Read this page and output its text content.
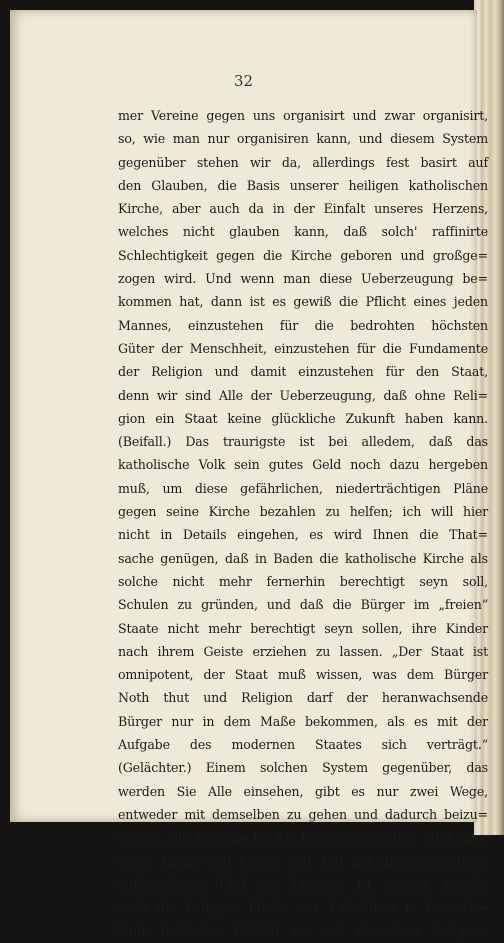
32
mer Vereine gegen uns organisirt und zwar organisirt,
so, wie man nur organisiren kann, und diesem System
gegenüber stehen wir da, allerdings fest basirt auf
den Glauben, die Basis unserer heiligen katholischen
Kirche, aber auch da in der Einfalt unseres Herzens,
welches nicht glauben kann, daß solch' raffinirte
Schlechtigkeit gegen die Kirche geboren und großge=
zogen wird. Und wenn man diese Ueberzeugung be=
kommen hat, dann ist es gewiß die Pflicht eines jeden
Mannes, einzustehen für die bedrohten höchsten
Güter der Menschheit, einzustehen für die Fundamente
der Religion und damit einzustehen für den Staat,
denn wir sind Alle der Ueberzeugung, daß ohne Reli=
gion ein Staat keine glückliche Zukunft haben kann.
(Beifall.) Das traurigste ist bei alledem, daß das
katholische Volk sein gutes Geld noch dazu hergeben
muß, um diese gefährlichen, niederträchtigen Pläne
gegen seine Kirche bezahlen zu helfen; ich will hier
nicht in Details eingehen, es wird Ihnen die That=
sache genügen, daß in Baden die katholische Kirche als
solche nicht mehr fernerhin berechtigt seyn soll,
Schulen zu gründen, und daß die Bürger im „freien“
Staate nicht mehr berechtigt seyn sollen, ihre Kinder
nach ihrem Geiste erziehen zu lassen. „Der Staat ist
omnipotent, der Staat muß wissen, was dem Bürger
Noth thut und Religion darf der heranwachsende
Bürger nur in dem Maße bekommen, als es mit der
Aufgabe des modernen Staates sich verträgt.“
(Gelächter.) Einem solchen System gegenüber, das
werden Sie Alle einsehen, gibt es nur zwei Wege,
entweder mit demselben zu gehen und dadurch beizu=
tragen, die katholische Kirche zu vernichten, oder aber
einen Kampf auf Leben und Tod mit diesem Systeme
aufzunehmen. Und das Letztere ist meiner Ansicht
nach die heiligste Pflicht der Katholiken in Deutsch=
land, (lebhafter Beifall) sie sind das ihrer Religion,
